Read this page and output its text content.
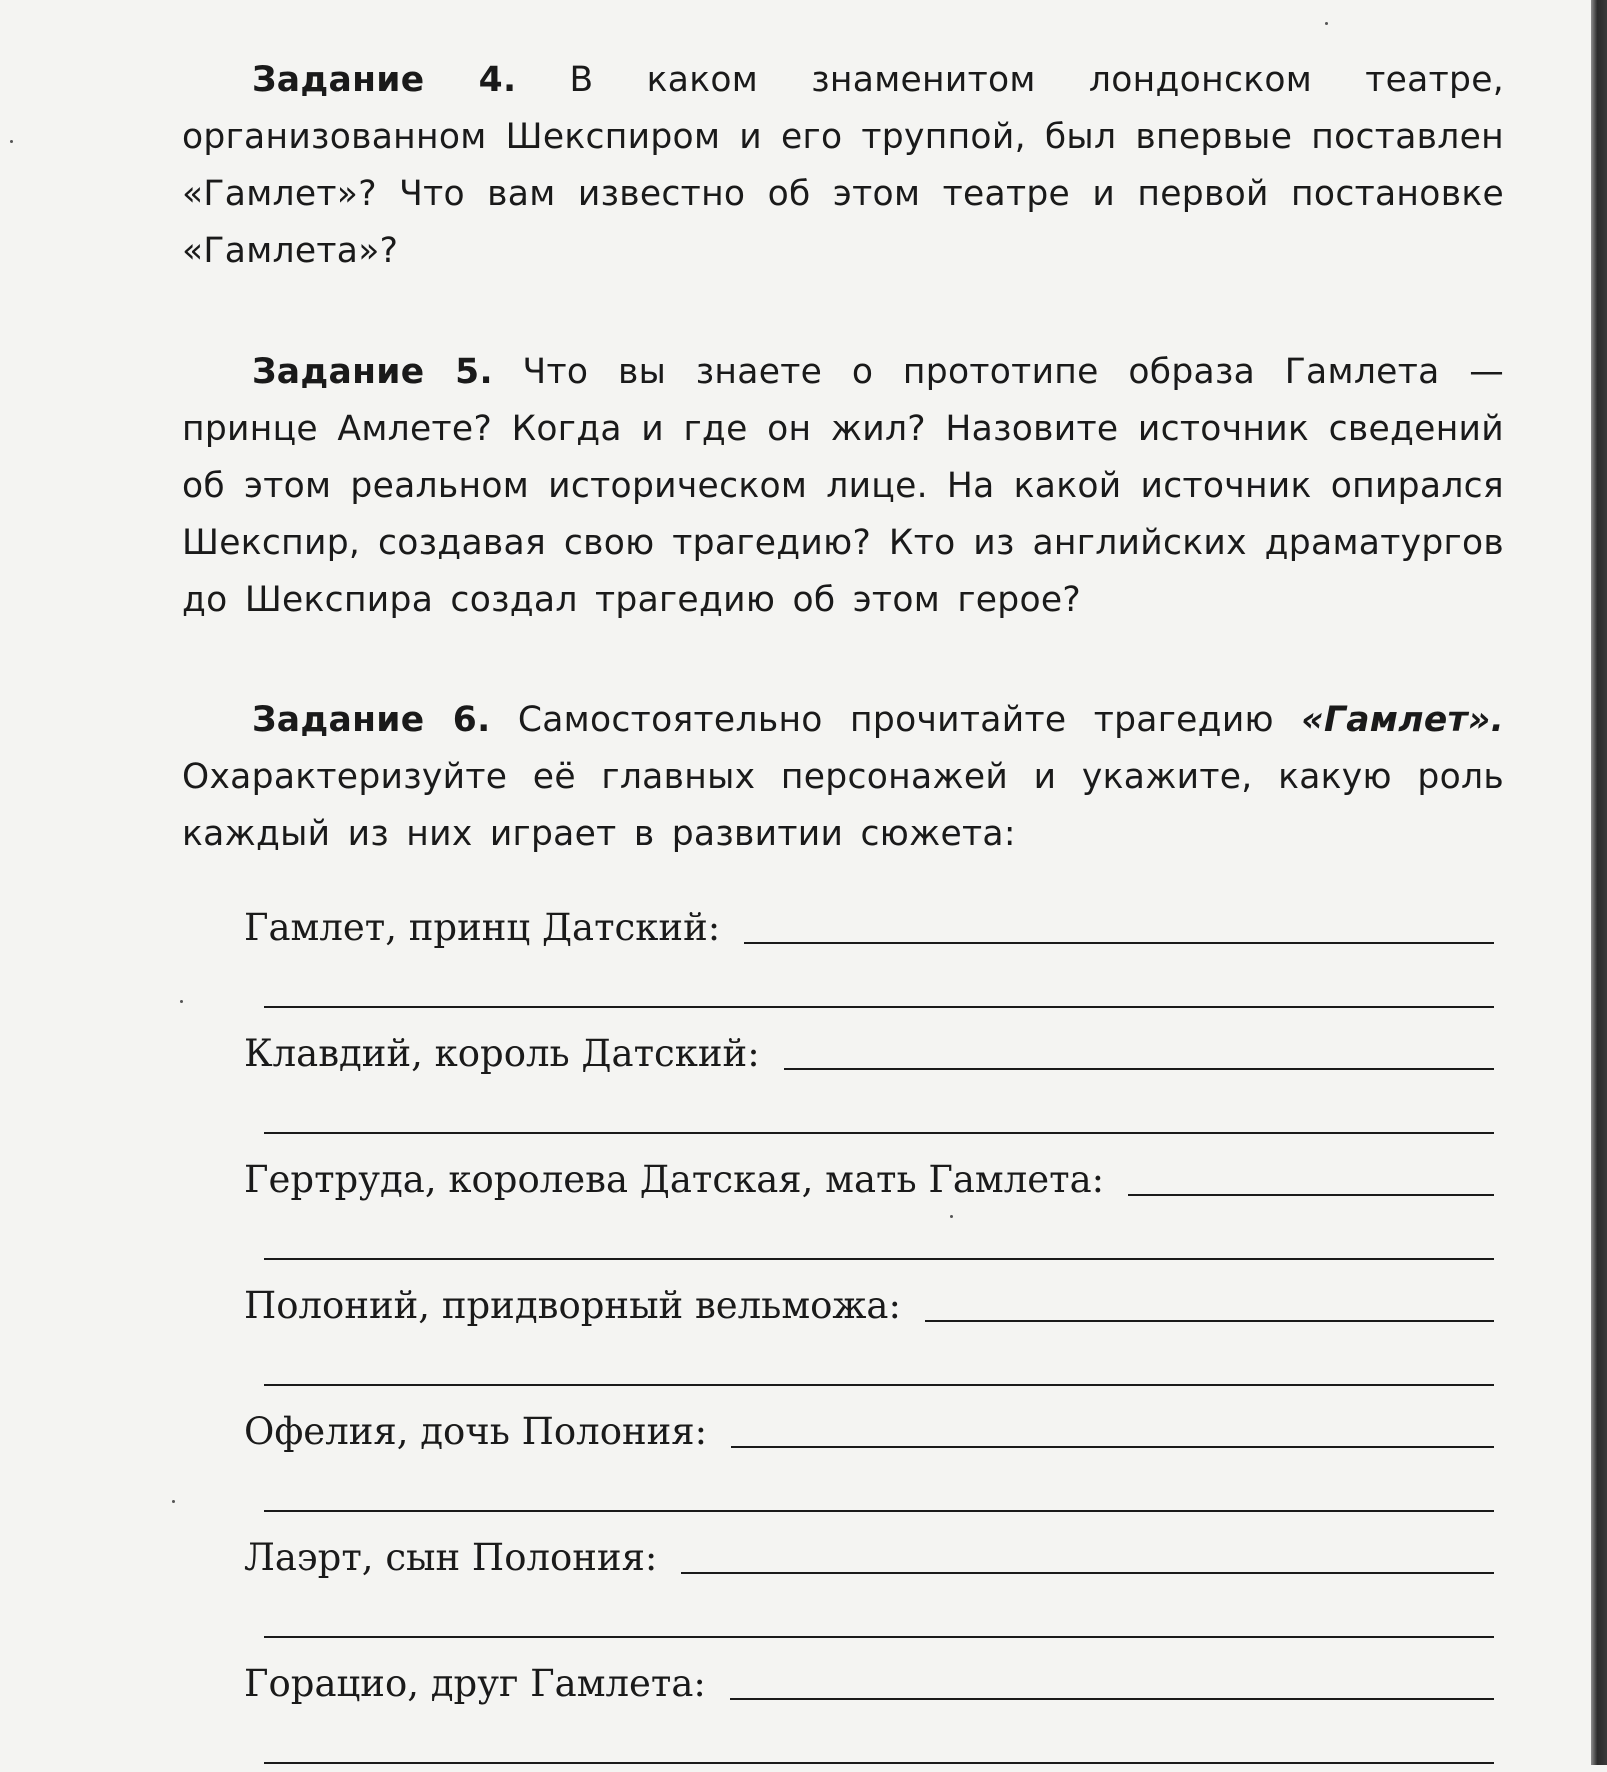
Задание 4. В каком знаменитом лондонском театре, организованном Шекспиром и его труппой, был впервые поставлен «Гамлет»? Что вам известно об этом театре и первой постановке «Гамлета»?

Задание 5. Что вы знаете о прототипе образа Гамлета — принце Амлете? Когда и где он жил? Назовите источник сведений об этом реальном историческом лице. На какой источник опирался Шекспир, создавая свою трагедию? Кто из английских драматургов до Шекспира создал трагедию об этом герое?

Задание 6. Самостоятельно прочитайте трагедию «Гамлет». Охарактеризуйте её главных персонажей и укажите, какую роль каждый из них играет в развитии сюжета:

Гамлет, принц Датский:
Клавдий, король Датский:
Гертруда, королева Датская, мать Гамлета:
Полоний, придворный вельможа:
Офелия, дочь Полония:
Лаэрт, сын Полония:
Горацио, друг Гамлета:
